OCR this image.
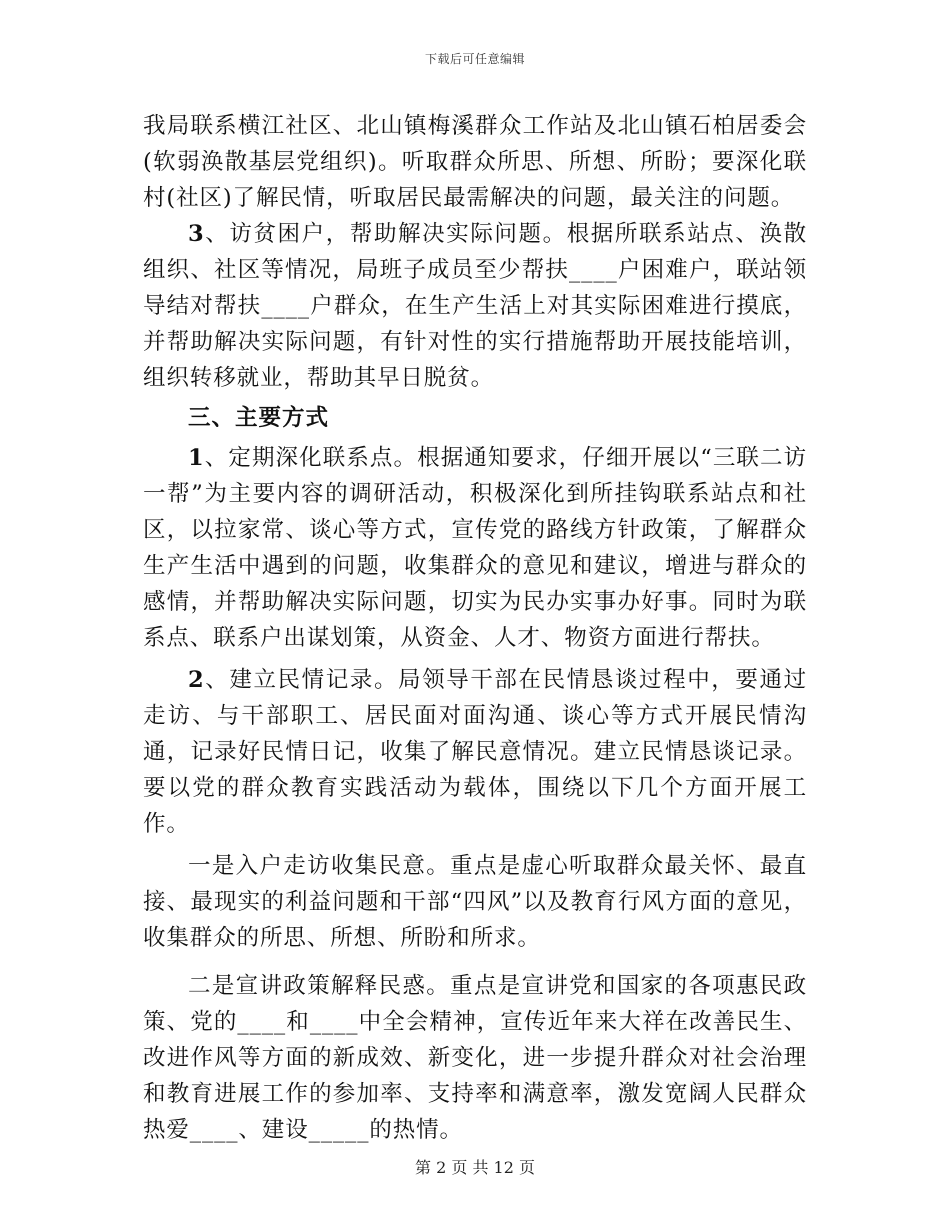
下载后可任意编辑

我局联系横江社区、北山镇梅溪群众工作站及北山镇石柏居委会(软弱涣散基层党组织)。听取群众所思、所想、所盼；要深化联村(社区)了解民情，听取居民最需解决的问题，最关注的问题。

3、访贫困户，帮助解决实际问题。根据所联系站点、涣散组织、社区等情况，局班子成员至少帮扶____户困难户，联站领导结对帮扶____户群众，在生产生活上对其实际困难进行摸底，并帮助解决实际问题，有针对性的实行措施帮助开展技能培训，组织转移就业，帮助其早日脱贫。

三、主要方式

1、定期深化联系点。根据通知要求，仔细开展以“三联二访一帮”为主要内容的调研活动，积极深化到所挂钩联系站点和社区，以拉家常、谈心等方式，宣传党的路线方针政策，了解群众生产生活中遇到的问题，收集群众的意见和建议，增进与群众的感情，并帮助解决实际问题，切实为民办实事办好事。同时为联系点、联系户出谋划策，从资金、人才、物资方面进行帮扶。

2、建立民情记录。局领导干部在民情恳谈过程中，要通过走访、与干部职工、居民面对面沟通、谈心等方式开展民情沟通，记录好民情日记，收集了解民意情况。建立民情恳谈记录。要以党的群众教育实践活动为载体，围绕以下几个方面开展工作。

一是入户走访收集民意。重点是虚心听取群众最关怀、最直接、最现实的利益问题和干部“四风”以及教育行风方面的意见，收集群众的所思、所想、所盼和所求。

二是宣讲政策解释民惑。重点是宣讲党和国家的各项惠民政策、党的____和____中全会精神，宣传近年来大祥在改善民生、改进作风等方面的新成效、新变化，进一步提升群众对社会治理和教育进展工作的参加率、支持率和满意率，激发宽阔人民群众热爱____、建设_____的热情。

第 2 页 共 12 页
